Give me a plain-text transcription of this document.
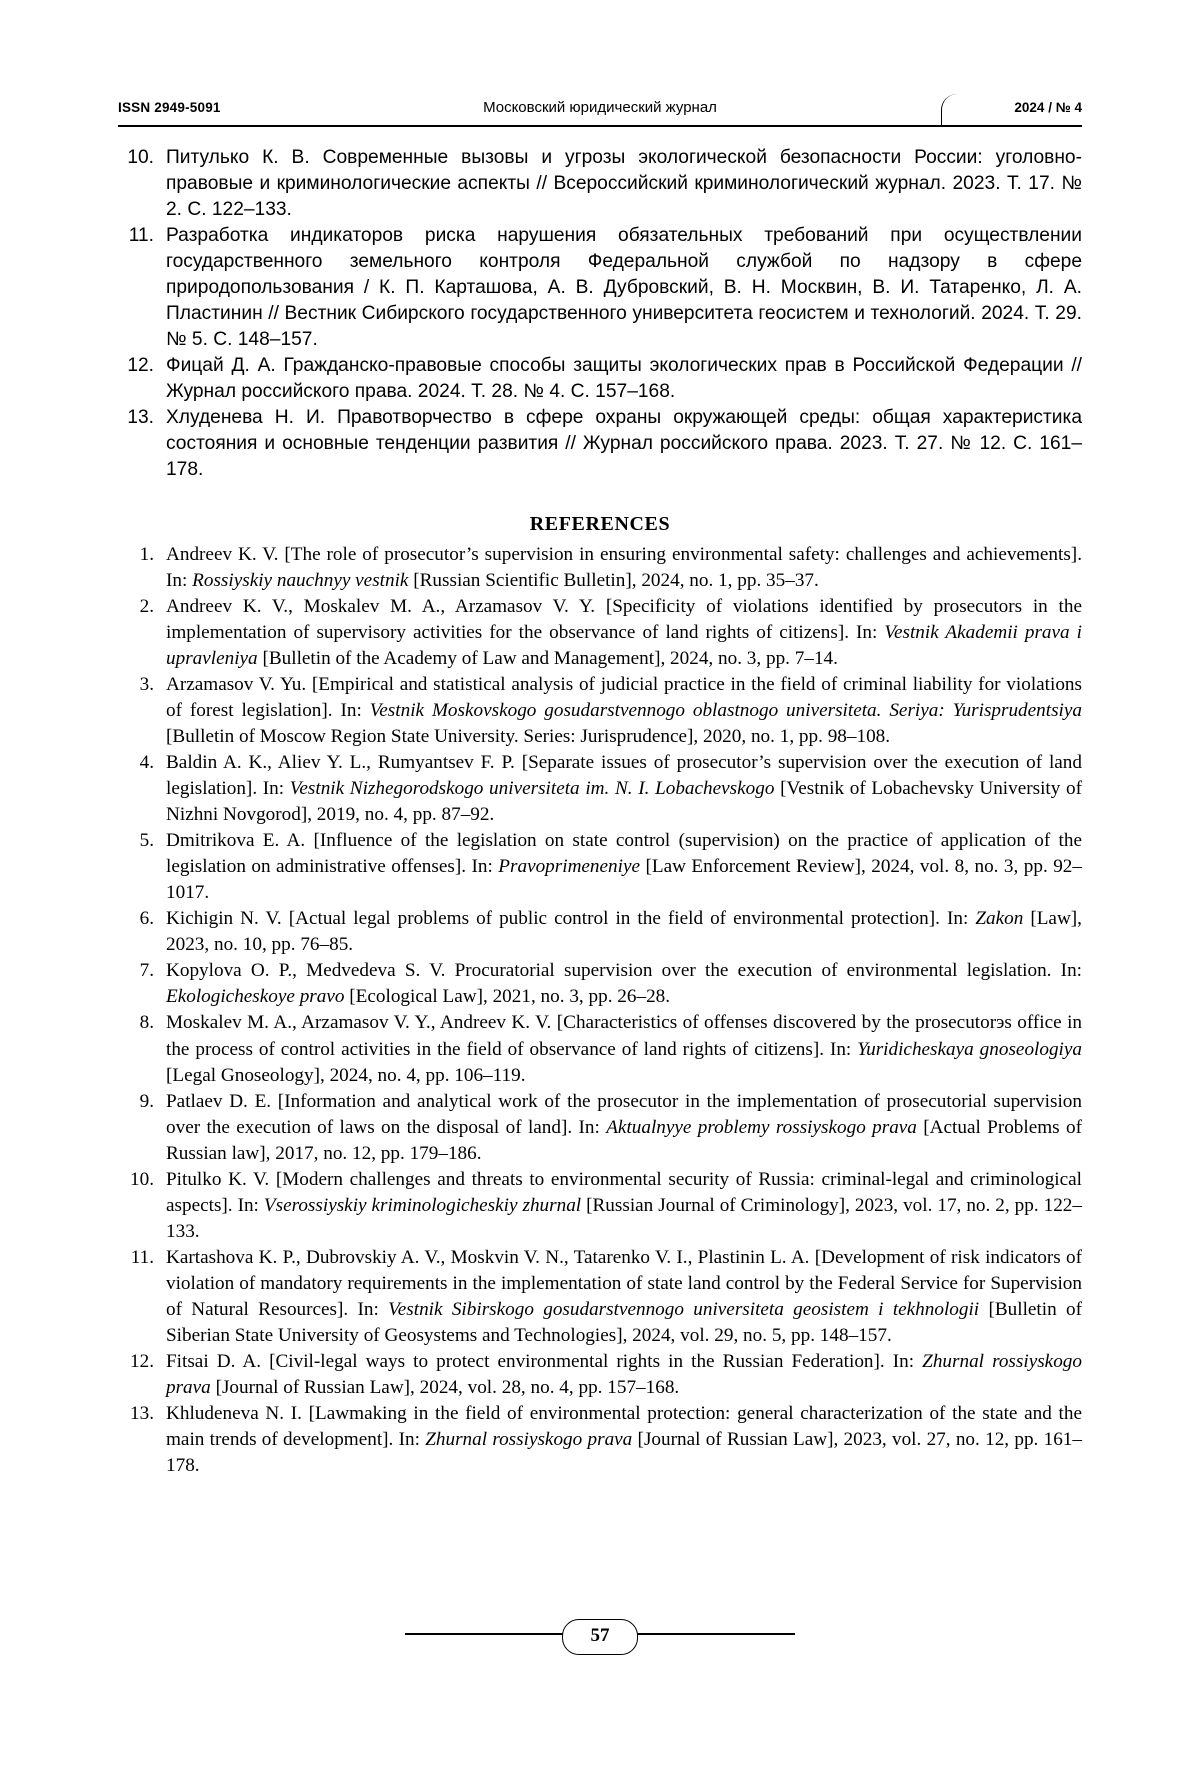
ISSN 2949-5091	Московский юридический журнал	2024 / № 4
10. Питулько К. В. Современные вызовы и угрозы экологической безопасности России: уголовно-правовые и криминологические аспекты // Всероссийский криминологический журнал. 2023. Т. 17. № 2. С. 122–133.
11. Разработка индикаторов риска нарушения обязательных требований при осуществлении государственного земельного контроля Федеральной службой по надзору в сфере природопользования / К. П. Карташова, А. В. Дубровский, В. Н. Москвин, В. И. Татаренко, Л. А. Пластинин // Вестник Сибирского государственного университета геосистем и технологий. 2024. Т. 29. № 5. С. 148–157.
12. Фицай Д. А. Гражданско-правовые способы защиты экологических прав в Российской Федерации // Журнал российского права. 2024. Т. 28. № 4. С. 157–168.
13. Хлуденева Н. И. Правотворчество в сфере охраны окружающей среды: общая характеристика состояния и основные тенденции развития // Журнал российского права. 2023. Т. 27. № 12. С. 161–178.
REFERENCES
1. Andreev K. V. [The role of prosecutor’s supervision in ensuring environmental safety: challenges and achievements]. In: Rossiyskiy nauchnyy vestnik [Russian Scientific Bulletin], 2024, no. 1, pp. 35–37.
2. Andreev K. V., Moskalev M. A., Arzamasov V. Y. [Specificity of violations identified by prosecutors in the implementation of supervisory activities for the observance of land rights of citizens]. In: Vestnik Akademii prava i upravleniya [Bulletin of the Academy of Law and Management], 2024, no. 3, pp. 7–14.
3. Arzamasov V. Yu. [Empirical and statistical analysis of judicial practice in the field of criminal liability for violations of forest legislation]. In: Vestnik Moskovskogo gosudarstvennogo oblastnogo universiteta. Seriya: Yurisprudentsiya [Bulletin of Moscow Region State University. Series: Jurisprudence], 2020, no. 1, pp. 98–108.
4. Baldin A. K., Aliev Y. L., Rumyantsev F. P. [Separate issues of prosecutor’s supervision over the execution of land legislation]. In: Vestnik Nizhegorodskogo universiteta im. N. I. Lobachevskogo [Vestnik of Lobachevsky University of Nizhni Novgorod], 2019, no. 4, pp. 87–92.
5. Dmitrikova E. A. [Influence of the legislation on state control (supervision) on the practice of application of the legislation on administrative offenses]. In: Pravoprimeneniye [Law Enforcement Review], 2024, vol. 8, no. 3, pp. 92–1017.
6. Kichigin N. V. [Actual legal problems of public control in the field of environmental protection]. In: Zakon [Law], 2023, no. 10, pp. 76–85.
7. Kopylova O. P., Medvedeva S. V. Procuratorial supervision over the execution of environmental legislation. In: Ekologicheskoye pravo [Ecological Law], 2021, no. 3, pp. 26–28.
8. Moskalev M. A., Arzamasov V. Y., Andreev K. V. [Characteristics of offenses discovered by the prosecutorэs office in the process of control activities in the field of observance of land rights of citizens]. In: Yuridicheskaya gnoseologiya [Legal Gnoseology], 2024, no. 4, pp. 106–119.
9. Patlaev D. E. [Information and analytical work of the prosecutor in the implementation of prosecutorial supervision over the execution of laws on the disposal of land]. In: Aktualnyye problemy rossiyskogo prava [Actual Problems of Russian law], 2017, no. 12, pp. 179–186.
10. Pitulko K. V. [Modern challenges and threats to environmental security of Russia: criminal-legal and criminological aspects]. In: Vserossiyskiy kriminologicheskiy zhurnal [Russian Journal of Criminology], 2023, vol. 17, no. 2, pp. 122–133.
11. Kartashova K. P., Dubrovskiy A. V., Moskvin V. N., Tatarenko V. I., Plastinin L. A. [Development of risk indicators of violation of mandatory requirements in the implementation of state land control by the Federal Service for Supervision of Natural Resources]. In: Vestnik Sibirskogo gosudarstvennogo universiteta geosistem i tekhnologii [Bulletin of Siberian State University of Geosystems and Technologies], 2024, vol. 29, no. 5, pp. 148–157.
12. Fitsai D. A. [Civil-legal ways to protect environmental rights in the Russian Federation]. In: Zhurnal rossiyskogo prava [Journal of Russian Law], 2024, vol. 28, no. 4, pp. 157–168.
13. Khludeneva N. I. [Lawmaking in the field of environmental protection: general characterization of the state and the main trends of development]. In: Zhurnal rossiyskogo prava [Journal of Russian Law], 2023, vol. 27, no. 12, pp. 161–178.
57
